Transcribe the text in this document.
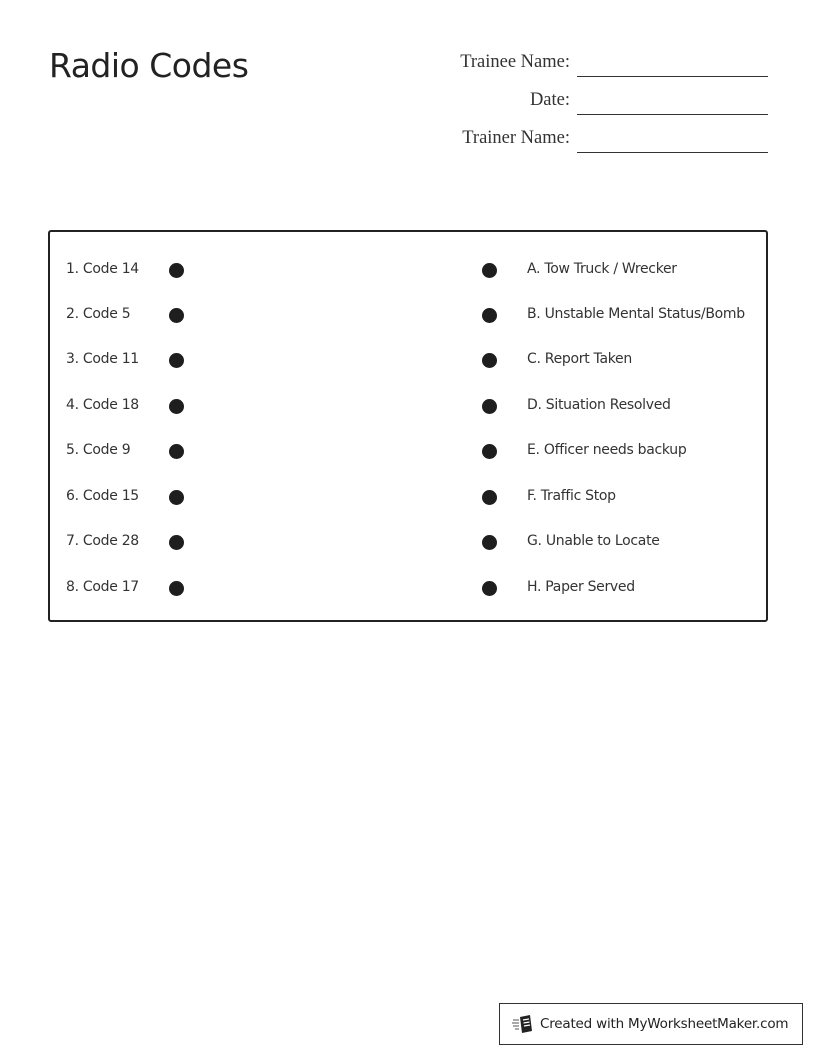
Radio Codes	Trainee Name:
Date:
Trainer Name:
1. Code 14	A. Tow Truck / Wrecker
2. Code 5	B. Unstable Mental Status/Bomb
3. Code 11	C. Report Taken
4. Code 18	D. Situation Resolved
5. Code 9	E. Officer needs backup
6. Code 15	F. Traffic Stop
7. Code 28	G. Unable to Locate
8. Code 17	H. Paper Served
Created with MyWorksheetMaker.com
